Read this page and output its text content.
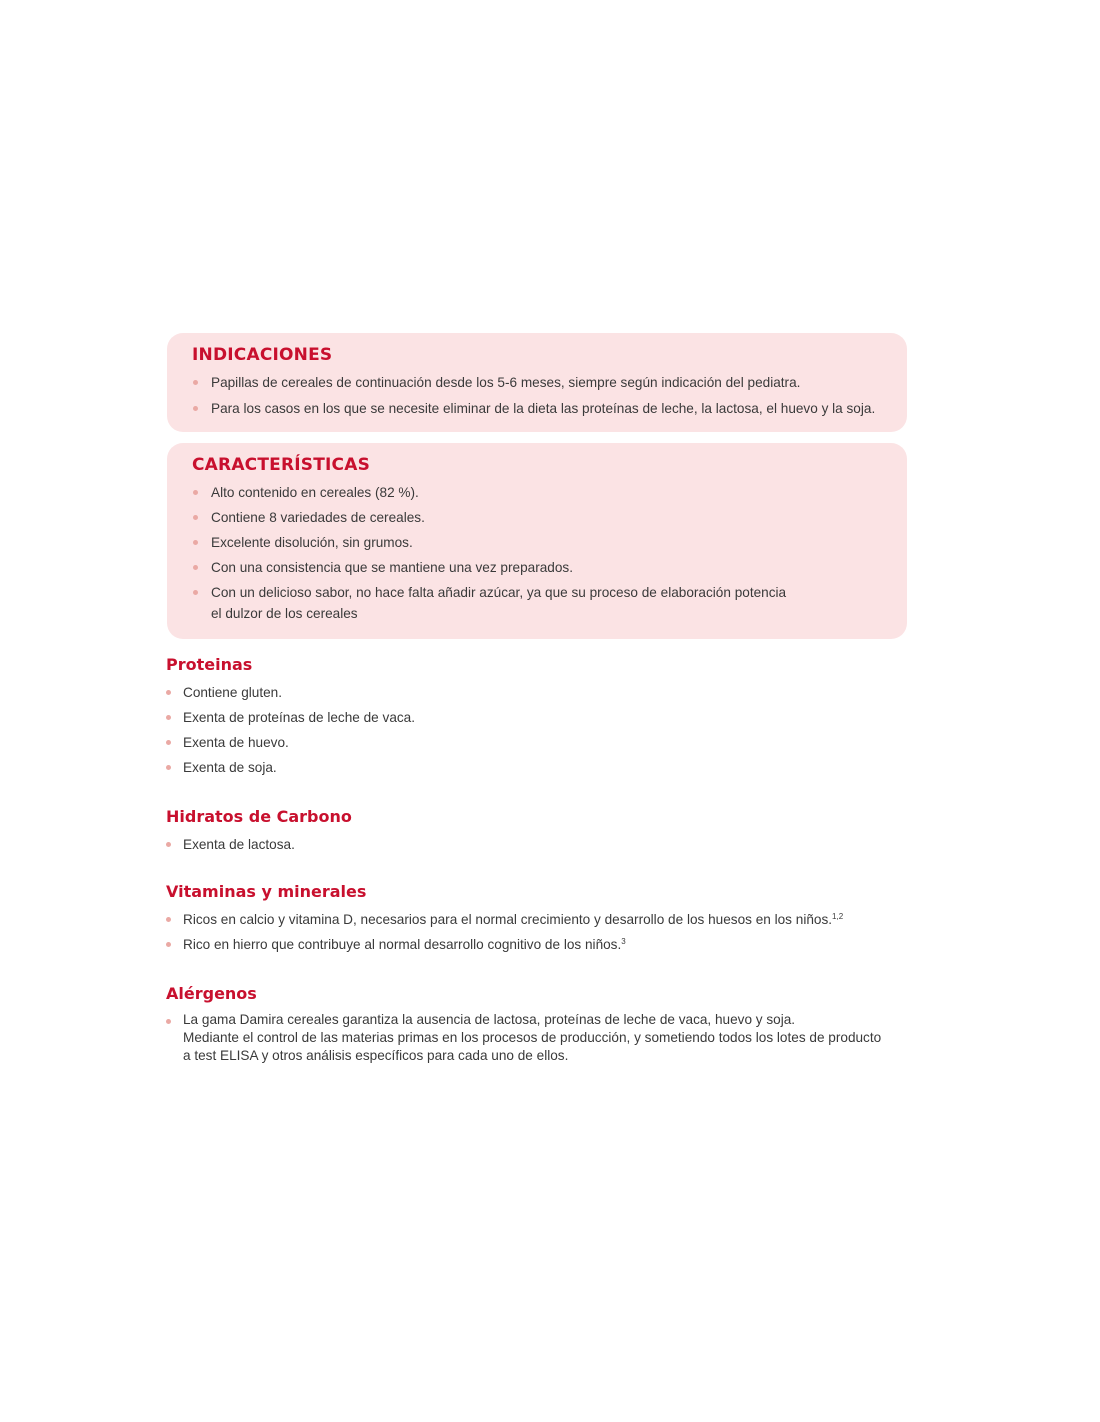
INDICACIONES
Papillas de cereales de continuación desde los 5-6 meses, siempre según indicación del pediatra.
Para los casos en los que se necesite eliminar de la dieta las proteínas de leche, la lactosa, el huevo y la soja.
CARACTERÍSTICAS
Alto contenido en cereales (82 %).
Contiene 8 variedades de cereales.
Excelente disolución, sin grumos.
Con una consistencia que se mantiene una vez preparados.
Con un delicioso sabor, no hace falta añadir azúcar, ya que su proceso de elaboración potencia
el dulzor de los cereales
Proteinas
Contiene gluten.
Exenta de proteínas de leche de vaca.
Exenta de huevo.
Exenta de soja.
Hidratos de Carbono
Exenta de lactosa.
Vitaminas y minerales
Ricos en calcio y vitamina D, necesarios para el normal crecimiento y desarrollo de los huesos en los niños.$^{1,2}$
Rico en hierro que contribuye al normal desarrollo cognitivo de los niños.$^3$
Alérgenos
La gama Damira cereales garantiza la ausencia de lactosa, proteínas de leche de vaca, huevo y soja.
Mediante el control de las materias primas en los procesos de producción, y sometiendo todos los lotes de producto
a test ELISA y otros análisis específicos para cada uno de ellos.
